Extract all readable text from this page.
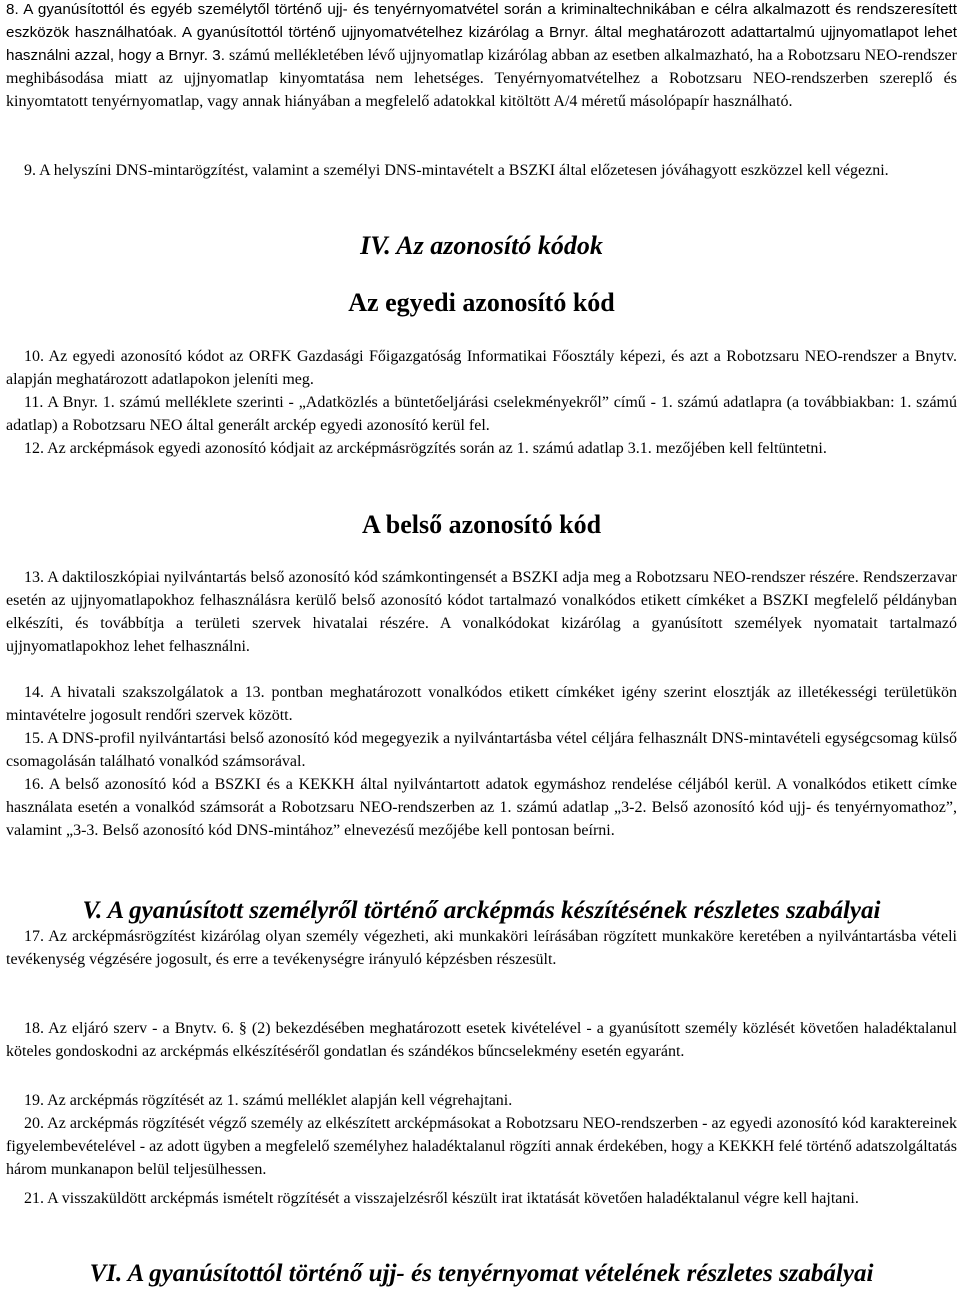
8. A gyanúsítottól és egyéb személytől történő ujj- és tenyérnyomatvétel során a kriminaltechnikában e célra alkalmazott és rendszeresített eszközök használhatóak. A gyanúsítottól történő ujjnyomatvételhez kizárólag a Brnyr. által meghatározott adattartalmú ujjnyomatlapot lehet használni azzal, hogy a Brnyr. 3. számú mellékletében lévő ujjnyomatlap kizárólag abban az esetben alkalmazható, ha a Robotzsaru NEO-rendszer meghibásodása miatt az ujjnyomatlap kinyomtatása nem lehetséges. Tenyérnyomatvételhez a Robotzsaru NEO-rendszerben szereplő és kinyomtatott tenyérnyomatlap, vagy annak hiányában a megfelelő adatokkal kitöltött A/4 méretű másolópapír használható.

9. A helyszíni DNS-mintarögzítést, valamint a személyi DNS-mintavételt a BSZKI által előzetesen jóváhagyott eszközzel kell végezni.

IV. Az azonosító kódok
Az egyedi azonosító kód

10. Az egyedi azonosító kódot az ORFK Gazdasági Főigazgatóság Informatikai Főosztály képezi, és azt a Robotzsaru NEO-rendszer a Bnytv. alapján meghatározott adatlapokon jeleníti meg.

11. A Bnyr. 1. számú melléklete szerinti - „Adatközlés a büntetőeljárási cselekményekről” című - 1. számú adatlapra (a továbbiakban: 1. számú adatlap) a Robotzsaru NEO által generált arckép egyedi azonosító kerül fel.

12. Az arcképmások egyedi azonosító kódjait az arcképmásrögzítés során az 1. számú adatlap 3.1. mezőjében kell feltüntetni.

A belső azonosító kód

13. A daktiloszkópiai nyilvántartás belső azonosító kód számkontingensét a BSZKI adja meg a Robotzsaru NEO-rendszer részére. Rendszerzavar esetén az ujjnyomatlapokhoz felhasználásra kerülő belső azonosító kódot tartalmazó vonalkódos etikett címkéket a BSZKI megfelelő példányban elkészíti, és továbbítja a területi szervek hivatalai részére. A vonalkódokat kizárólag a gyanúsított személyek nyomatait tartalmazó ujjnyomatlapokhoz lehet felhasználni.

14. A hivatali szakszolgálatok a 13. pontban meghatározott vonalkódos etikett címkéket igény szerint elosztják az illetékességi területükön mintavételre jogosult rendőri szervek között.

15. A DNS-profil nyilvántartási belső azonosító kód megegyezik a nyilvántartásba vétel céljára felhasznált DNS-mintavételi egységcsomag külső csomagolásán található vonalkód számsorával.

16. A belső azonosító kód a BSZKI és a KEKKH által nyilvántartott adatok egymáshoz rendelése céljából kerül. A vonalkódos etikett címke használata esetén a vonalkód számsorát a Robotzsaru NEO-rendszerben az 1. számú adatlap „3-2. Belső azonosító kód ujj- és tenyérnyomathoz”, valamint „3-3. Belső azonosító kód DNS-mintához” elnevezésű mezőjébe kell pontosan beírni.

V. A gyanúsított személyről történő arcképmás készítésének részletes szabályai

17. Az arcképmásrögzítést kizárólag olyan személy végezheti, aki munkaköri leírásában rögzített munkaköre keretében a nyilvántartásba vételi tevékenység végzésére jogosult, és erre a tevékenységre irányuló képzésben részesült.

18. Az eljáró szerv - a Bnytv. 6. § (2) bekezdésében meghatározott esetek kivételével - a gyanúsított személy közlését követően haladéktalanul köteles gondoskodni az arcképmás elkészítéséről gondatlan és szándékos bűncselekmény esetén egyaránt.

19. Az arcképmás rögzítését az 1. számú melléklet alapján kell végrehajtani.

20. Az arcképmás rögzítését végző személy az elkészített arcképmásokat a Robotzsaru NEO-rendszerben - az egyedi azonosító kód karaktereinek figyelembevételével - az adott ügyben a megfelelő személyhez haladéktalanul rögzíti annak érdekében, hogy a KEKKH felé történő adatszolgáltatás három munkanapon belül teljesülhessen.

21. A visszaküldött arcképmás ismételt rögzítését a visszajelzésről készült irat iktatását követően haladéktalanul végre kell hajtani.

VI. A gyanúsítottól történő ujj- és tenyérnyomat vételének részletes szabályai
